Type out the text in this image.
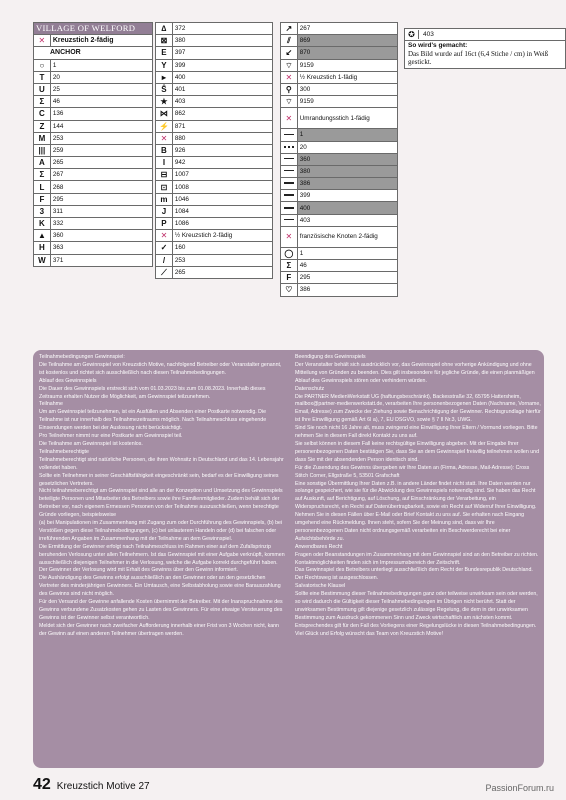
VILLAGE OF WELFORD	
✕	Kreuzstich 2-fädig
ANCHOR	
○	1
T	20
U	25
Σ	46
C	136
Z	144
M	253
|||	259
A	265
Σ	267
L	268
F	295
3	311
K	332
▲	360
H	363
W	371
∆	372
⊠	380
E	397
Y	399
▸	400
Ŝ	401
★	403
⋈	862
⚡	871
✕	880
B	926
I	942
⊟	1007
⊡	1008
m	1046
J	1084
P	1086
✕	½ Kreuzstich 2-fädig
✓	160
/	253
⟋	265
↗	267
⫽	869
↙	870
⌔	9159
✕	½ Kreuzstich 1-fädig
⚲	300
⌔	9159
✕	Umrandungsstich 1-fädig

	1

	20

	360

	380

	386

	399

	400

	403
✕	französische Knoten 2-fädig
◯	1
Σ	46
F	295
♡	386
✪	403
So wird's gemacht:
Das Bild wurde auf 16ct (6,4 Stiche / cm) in Weiß gestickt.
Teilnahmebedingungen Gewinnspiel:
Die Teilnahme am Gewinnspiel von Kreuzstich Motive, nachfolgend Betreiber oder Veranstalter genannt, ist kostenlos und richtet sich ausschließlich nach diesen Teilnahmebedingungen.
Ablauf des Gewinnspiels
Die Dauer des Gewinnspiels erstreckt sich vom 01.03.2023 bis zum 01.08.2023. Innerhalb dieses Zeitraums erhalten Nutzer die Möglichkeit, am Gewinnspiel teilzunehmen.
Teilnahme
Um am Gewinnspiel teilzunehmen, ist ein Ausfüllen und Absenden einer Postkarte notwendig. Die Teilnahme ist nur innerhalb des Teilnahmezeitraums möglich. Nach Teilnahmeschluss eingehende Einsendungen werden bei der Auslosung nicht berücksichtigt.
Pro Teilnehmer nimmt nur eine Postkarte am Gewinnspiel teil.
Die Teilnahme am Gewinnspiel ist kostenlos.
Teilnahmeberechtigte
Teilnahmeberechtigt sind natürliche Personen, die ihren Wohnsitz in Deutschland und das 14. Lebensjahr vollendet haben.
Sollte ein Teilnehmer in seiner Geschäftsfähigkeit eingeschränkt sein, bedarf es der Einwilligung seines gesetzlichen Vertreters.
Nicht teilnahmeberechtigt am Gewinnspiel sind alle an der Konzeption und Umsetzung des Gewinnspiels beteiligte Personen und Mitarbeiter des Betreibers sowie ihre Familienmitglieder. Zudem behält sich der Betreiber vor, nach eigenem Ermessen Personen von der Teilnahme auszuschließen, wenn berechtigte Gründe vorliegen, beispielsweise
(a) bei Manipulationen im Zusammenhang mit Zugang zum oder Durchführung des Gewinnspiels, (b) bei Verstößen gegen diese Teilnahmebedingungen, (c) bei unlauterem Handeln oder (d) bei falschen oder irreführenden Angaben im Zusammenhang mit der Teilnahme an dem Gewinnspiel.
Die Ermittlung der Gewinner erfolgt nach Teilnahmeschluss im Rahmen einer auf dem Zufallsprinzip beruhenden Verlosung unter allen Teilnehmern. Ist das Gewinnspiel mit einer Aufgabe verknüpft, kommen ausschließlich diejenigen Teilnehmer in die Verlosung, welche die Aufgabe korrekt durchgeführt haben.
Der Gewinner der Verlosung wird mit Erhalt des Gewinns über den Gewinn informiert.
Die Aushändigung des Gewinns erfolgt ausschließlich an den Gewinner oder an den gesetzlichen Vertreter des minderjährigen Gewinners. Ein Umtausch, eine Selbstabholung sowie eine Barauszahlung des Gewinns sind nicht möglich.
Für den Versand der Gewinne anfallende Kosten übernimmt der Betreiber. Mit der Inanspruchnahme des Gewinns verbundene Zusatzkosten gehen zu Lasten des Gewinners. Für eine etwaige Versteuerung des Gewinns ist der Gewinner selbst verantwortlich.
Meldet sich der Gewinner nach zweifacher Aufforderung innerhalb einer Frist von 3 Wochen nicht, kann der Gewinn auf einen anderen Teilnehmer übertragen werden.
Beendigung des Gewinnspiels
Der Veranstalter behält sich ausdrücklich vor, das Gewinnspiel ohne vorherige Ankündigung und ohne Mitteilung von Gründen zu beenden. Dies gilt insbesondere für jegliche Gründe, die einen planmäßigen Ablauf des Gewinnspiels stören oder verhindern würden.
Datenschutz
Die PARTNER MedienWerkstatt UG (haftungsbeschränkt), Backesstraße 32, 65795 Hattersheim, mailbox@partner-medienwerkstatt.de, verarbeiten Ihre personenbezogenen Daten (Nachname, Vorname, Email, Adresse) zum Zwecke der Ziehung sowie Benachrichtigung der Gewinner. Rechtsgrundlage hierfür ist Ihre Einwilligung gemäß Art 6I a), 7, EU DSGVO, sowie § 7 II Nr.3, UWG.
Sind Sie noch nicht 16 Jahre alt, muss zwingend eine Einwilligung Ihrer Eltern / Vormund vorliegen. Bitte nehmen Sie in diesem Fall direkt Kontakt zu uns auf.
Sie selbst können in diesem Fall keine rechtsgültige Einwilligung abgeben. Mit der Eingabe Ihrer personenbezogenen Daten bestätigen Sie, dass Sie an dem Gewinnspiel freiwillig teilnehmen wollen und dass Sie mit der absendenden Person identisch sind.
Für die Zusendung des Gewinns übergeben wir Ihre Daten an (Firma, Adresse, Mail-Adresse): Cross Stitch Corner, Ellgstraße 5, 53501 Grafschaft
Eine sonstige Übermittlung Ihrer Daten z.B. in andere Länder findet nicht statt. Ihre Daten werden nur solange gespeichert, wie sie für die Abwicklung des Gewinnspiels notwendig sind. Sie haben das Recht auf Auskunft, auf Berichtigung, auf Löschung, auf Einschränkung der Verarbeitung, ein Widerspruchsrecht, ein Recht auf Datenübertragbarkeit, sowie ein Recht auf Widerruf Ihrer Einwilligung. Nehmen Sie in diesen Fällen über E-Mail oder Brief Kontakt zu uns auf. Sie erhalten nach Eingang umgehend eine Rückmeldung. Ihnen steht, sofern Sie der Meinung sind, dass wir Ihre personenbezogenen Daten nicht ordnungsgemäß verarbeiten ein Beschwerderecht bei einer Aufsichtsbehörde zu.
Anwendbares Recht
Fragen oder Beanstandungen im Zusammenhang mit dem Gewinnspiel sind an den Betreiber zu richten. Kontaktmöglichkeiten finden sich im Impressumsbereich der Zeitschrift.
Das Gewinnspiel des Betreibers unterliegt ausschließlich dem Recht der Bundesrepublik Deutschland. Der Rechtsweg ist ausgeschlossen.
Salvatorische Klausel
Sollte eine Bestimmung dieser Teilnahmebedingungen ganz oder teilweise unwirksam sein oder werden, so wird dadurch die Gültigkeit dieser Teilnahmebedingungen im Übrigen nicht berührt. Statt der unwirksamen Bestimmung gilt diejenige gesetzlich zulässige Regelung, die dem in der unwirksamen Bestimmung zum Ausdruck gekommenen Sinn und Zweck wirtschaftlich am nächsten kommt. Entsprechendes gilt für den Fall des Vorliegens einer Regelungslücke in diesen Teilnahmebedingungen.
Viel Glück und Erfolg wünscht das Team von Kreuzstich Motive!
42 Kreuzstich Motive 27	PassionForum.ru
